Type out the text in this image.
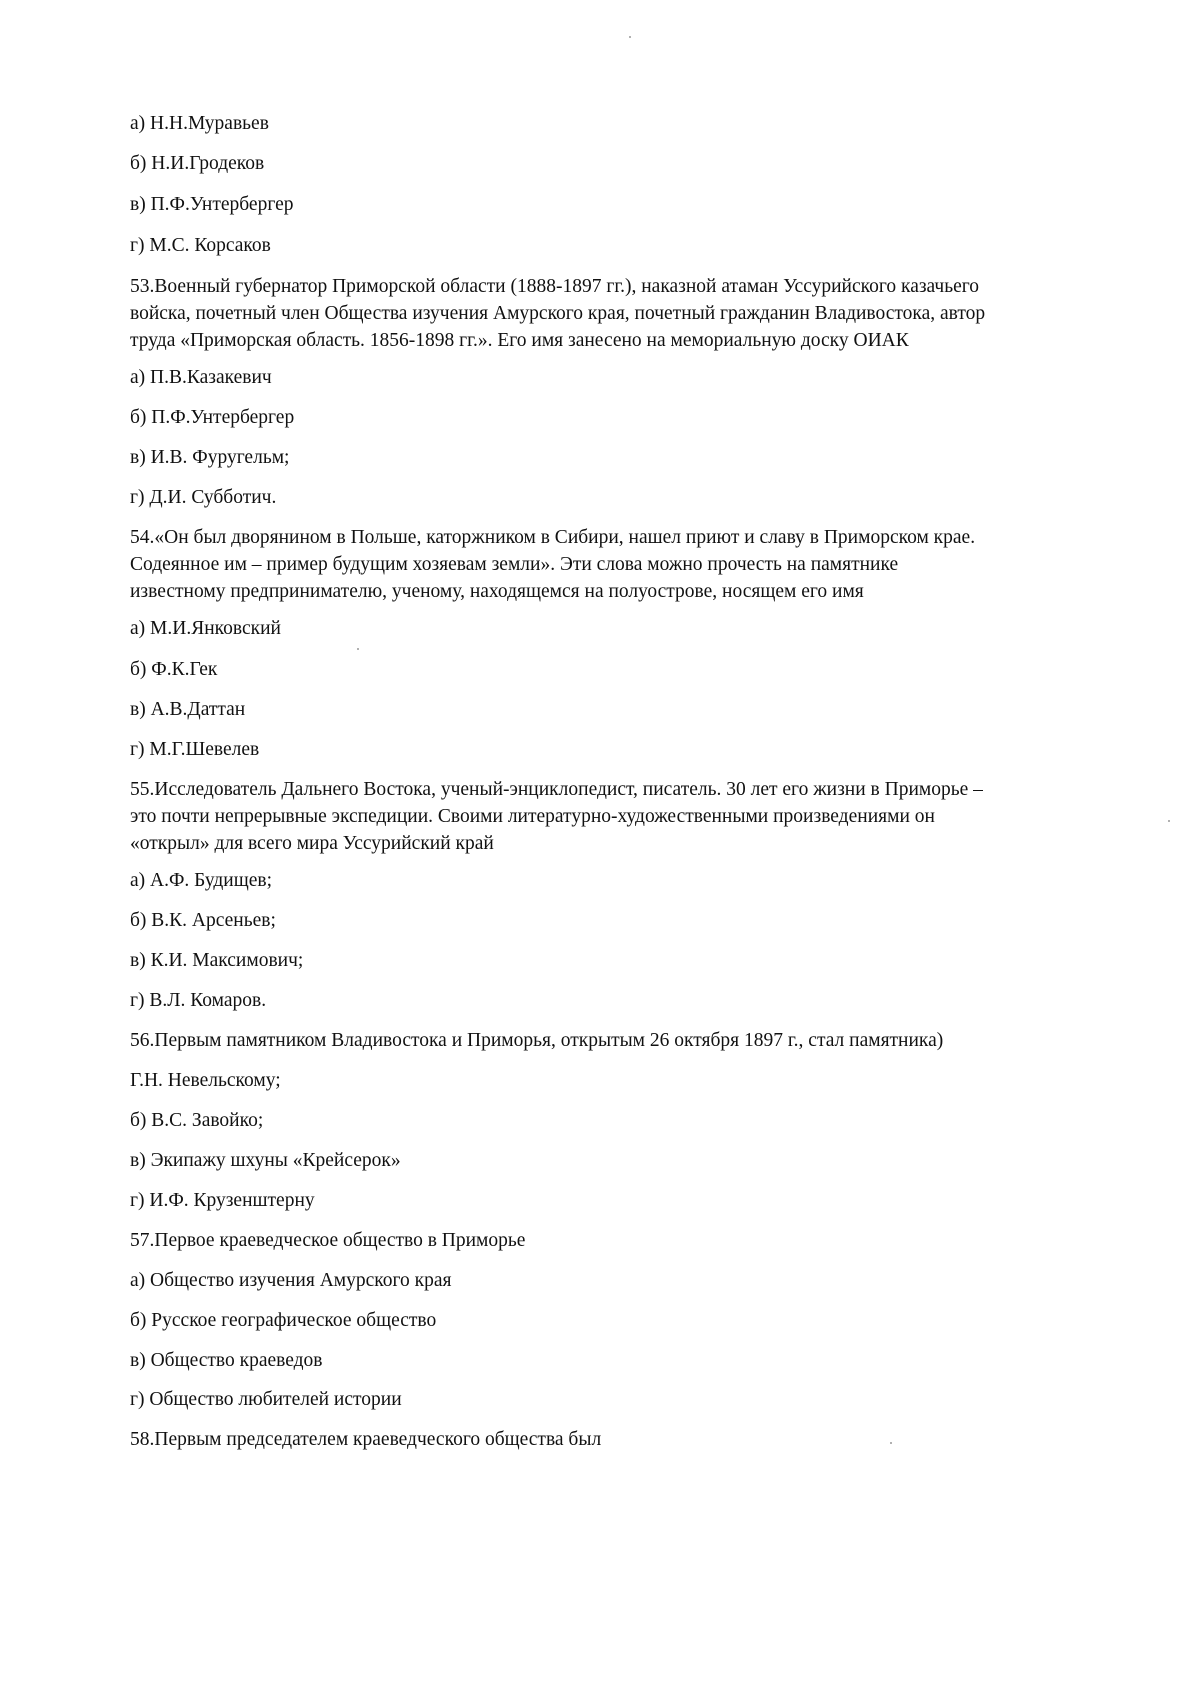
а) Н.Н.Муравьев
б) Н.И.Гродеков
в) П.Ф.Унтербергер
г) М.С. Корсаков

53.Военный губернатор Приморской области (1888-1897 гг.), наказной атаман Уссурийского казачьего

войска, почетный член Общества изучения Амурского края, почетный гражданин Владивостока, автор

труда «Приморская область. 1856-1898 гг.». Его имя занесено на мемориальную доску ОИАК

а) П.В.Казакевич
б) П.Ф.Унтербергер
в) И.В. Фуругельм;
г) Д.И. Субботич.

54.«Он был дворянином в Польше, каторжником в Сибири, нашел приют и славу в Приморском крае.

Содеянное им – пример будущим хозяевам земли». Эти слова можно прочесть на памятнике

известному предпринимателю, ученому, находящемся на полуострове, носящем его имя

а) М.И.Янковский
б) Ф.К.Гек
в) А.В.Даттан
г) М.Г.Шевелев

55.Исследователь Дальнего Востока, ученый-энциклопедист, писатель. 30 лет его жизни в Приморье –

это почти непрерывные экспедиции. Своими литературно-художественными произведениями он

«открыл» для всего мира Уссурийский край

а) А.Ф. Будищев;
б) В.К. Арсеньев;
в) К.И. Максимович;
г) В.Л. Комаров.

56.Первым памятником Владивостока и Приморья, открытым 26 октября 1897 г., стал памятника)

Г.Н. Невельскому;
б) В.С. Завойко;
в) Экипажу шхуны «Крейсерок»
г) И.Ф. Крузенштерну

57.Первое краеведческое общество в Приморье

а) Общество изучения Амурского края
б) Русское географическое общество
в) Общество краеведов
г) Общество любителей истории

58.Первым председателем краеведческого общества был
